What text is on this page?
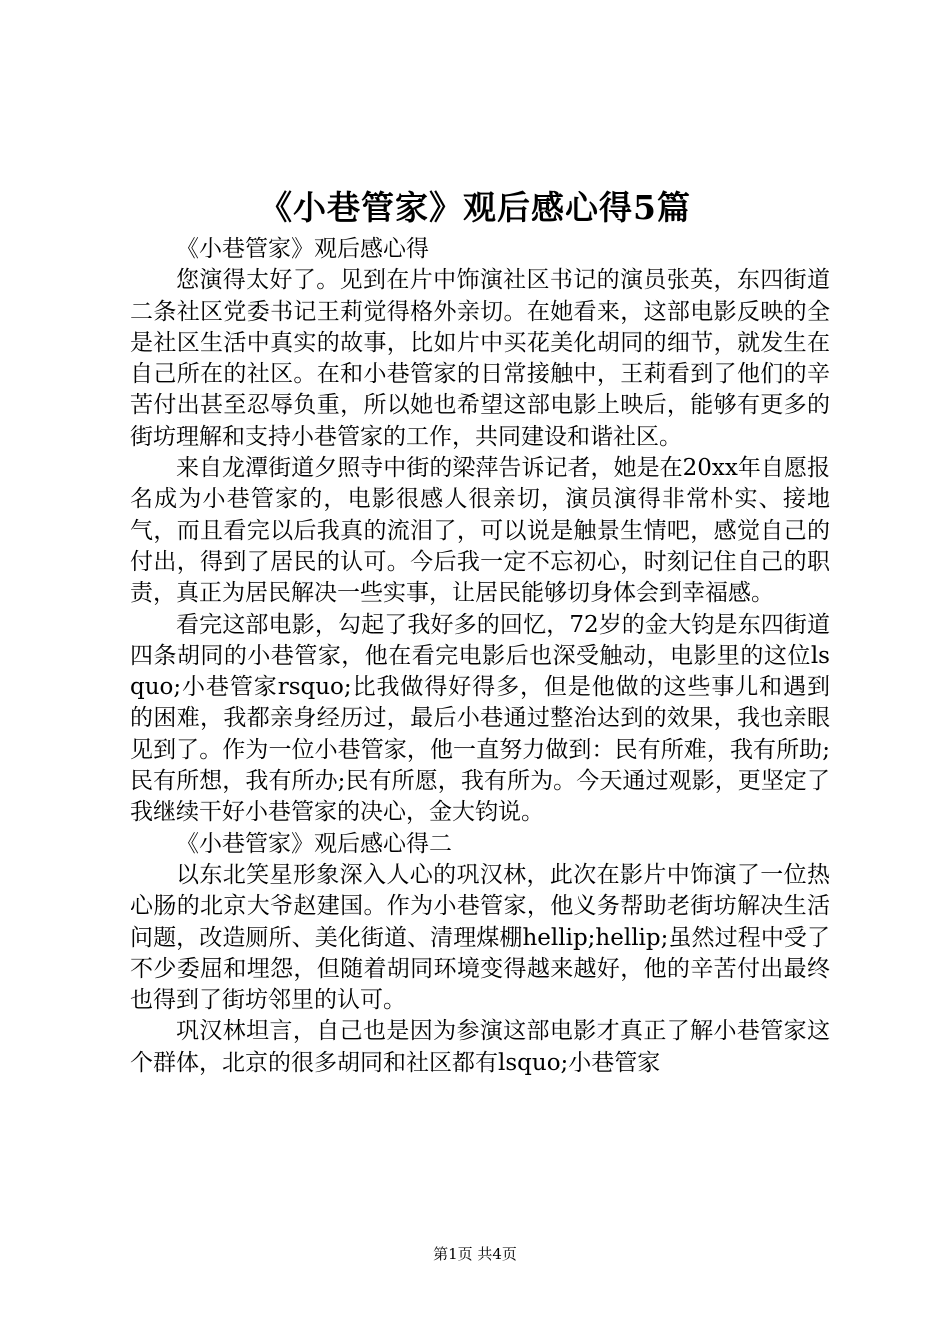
《小巷管家》观后感心得5篇

《小巷管家》观后感心得

您演得太好了。见到在片中饰演社区书记的演员张英，东四街道二条社区党委书记王莉觉得格外亲切。在她看来，这部电影反映的全是社区生活中真实的故事，比如片中买花美化胡同的细节，就发生在自己所在的社区。在和小巷管家的日常接触中，王莉看到了他们的辛苦付出甚至忍辱负重，所以她也希望这部电影上映后，能够有更多的街坊理解和支持小巷管家的工作，共同建设和谐社区。

来自龙潭街道夕照寺中街的梁萍告诉记者，她是在20xx年自愿报名成为小巷管家的，电影很感人很亲切，演员演得非常朴实、接地气，而且看完以后我真的流泪了，可以说是触景生情吧，感觉自己的付出，得到了居民的认可。今后我一定不忘初心，时刻记住自己的职责，真正为居民解决一些实事，让居民能够切身体会到幸福感。

看完这部电影，勾起了我好多的回忆，72岁的金大钧是东四街道四条胡同的小巷管家，他在看完电影后也深受触动，电影里的这位lsquo;小巷管家rsquo;比我做得好得多，但是他做的这些事儿和遇到的困难，我都亲身经历过，最后小巷通过整治达到的效果，我也亲眼见到了。作为一位小巷管家，他一直努力做到：民有所难，我有所助;民有所想，我有所办;民有所愿，我有所为。今天通过观影，更坚定了我继续干好小巷管家的决心，金大钧说。

《小巷管家》观后感心得二

以东北笑星形象深入人心的巩汉林，此次在影片中饰演了一位热心肠的北京大爷赵建国。作为小巷管家，他义务帮助老街坊解决生活问题，改造厕所、美化街道、清理煤棚hellip;hellip;虽然过程中受了不少委屈和埋怨，但随着胡同环境变得越来越好，他的辛苦付出最终也得到了街坊邻里的认可。

巩汉林坦言，自己也是因为参演这部电影才真正了解小巷管家这个群体，北京的很多胡同和社区都有lsquo;小巷管家

第1页 共4页
